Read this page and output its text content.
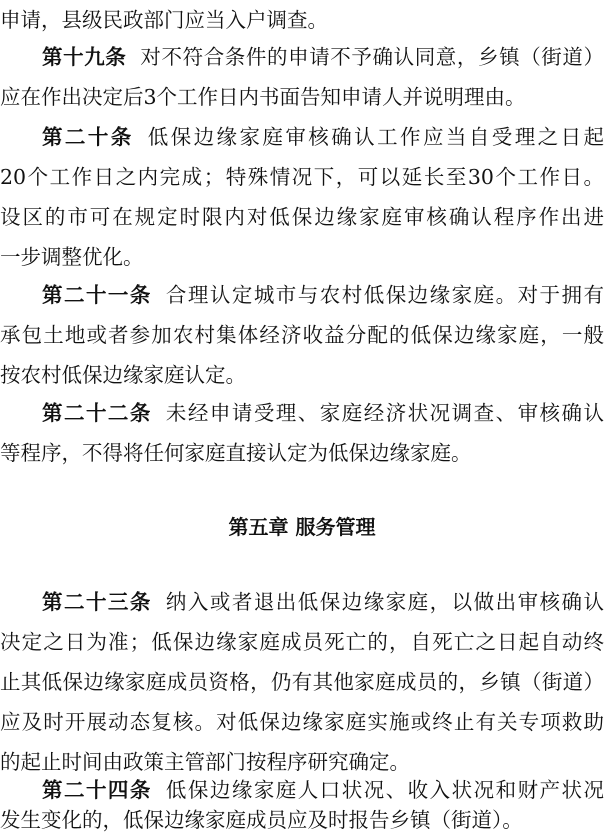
申请，县级民政部门应当入户调查。
第十九条 对不符合条件的申请不予确认同意，乡镇（街道）
应在作出决定后3个工作日内书面告知申请人并说明理由。
第二十条 低保边缘家庭审核确认工作应当自受理之日起
20个工作日之内完成；特殊情况下，可以延长至30个工作日。
设区的市可在规定时限内对低保边缘家庭审核确认程序作出进
一步调整优化。
第二十一条 合理认定城市与农村低保边缘家庭。对于拥有
承包土地或者参加农村集体经济收益分配的低保边缘家庭，一般
按农村低保边缘家庭认定。
第二十二条 未经申请受理、家庭经济状况调查、审核确认
等程序，不得将任何家庭直接认定为低保边缘家庭。
第五章 服务管理
第二十三条 纳入或者退出低保边缘家庭，以做出审核确认
决定之日为准；低保边缘家庭成员死亡的，自死亡之日起自动终
止其低保边缘家庭成员资格，仍有其他家庭成员的，乡镇（街道）
应及时开展动态复核。对低保边缘家庭实施或终止有关专项救助
的起止时间由政策主管部门按程序研究确定。
第二十四条 低保边缘家庭人口状况、收入状况和财产状况
发生变化的，低保边缘家庭成员应及时报告乡镇（街道）。
